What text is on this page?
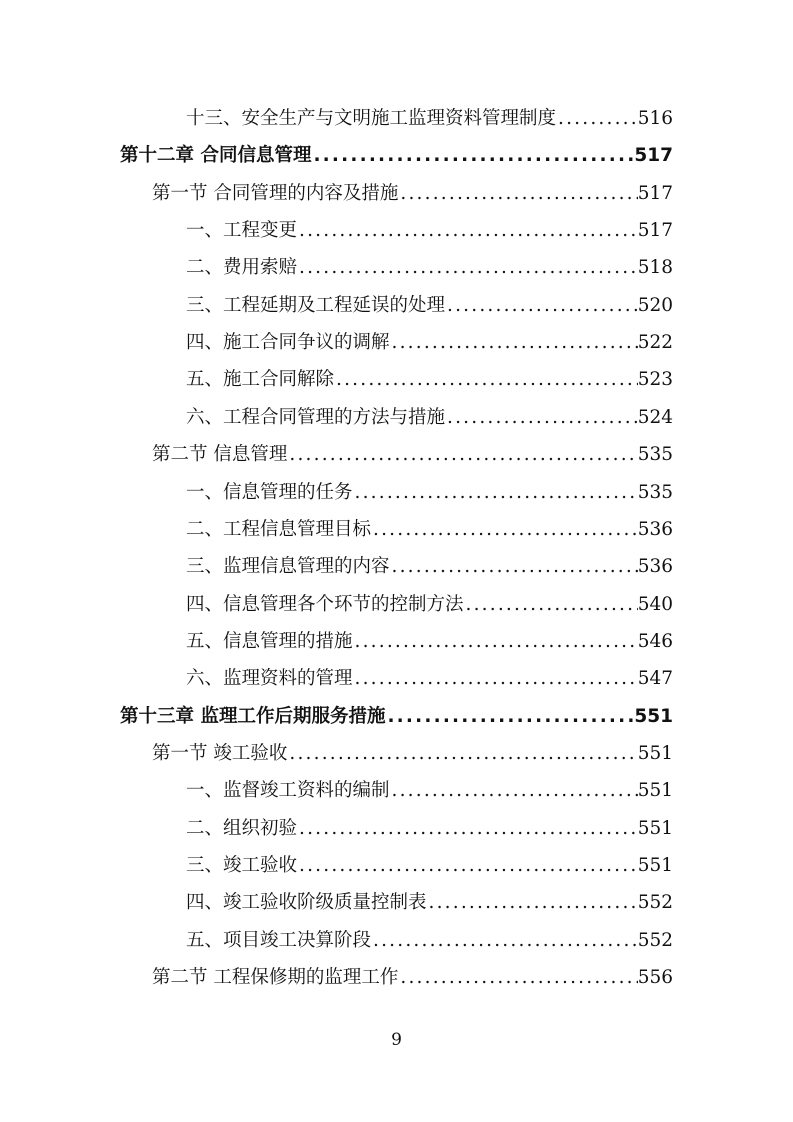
十三、安全生产与文明施工监理资料管理制度 .....	516
第十二章 合同信息管理 .....	517
第一节 合同管理的内容及措施 .....	517
一、工程变更 .....	517
二、费用索赔 .....	518
三、工程延期及工程延误的处理 .....	520
四、施工合同争议的调解 .....	522
五、施工合同解除 .....	523
六、工程合同管理的方法与措施 .....	524
第二节 信息管理 .....	535
一、信息管理的任务 .....	535
二、工程信息管理目标 .....	536
三、监理信息管理的内容 .....	536
四、信息管理各个环节的控制方法 .....	540
五、信息管理的措施 .....	546
六、监理资料的管理 .....	547
第十三章 监理工作后期服务措施 .....	551
第一节 竣工验收 .....	551
一、监督竣工资料的编制 .....	551
二、组织初验 .....	551
三、竣工验收 .....	551
四、竣工验收阶级质量控制表 .....	552
五、项目竣工决算阶段 .....	552
第二节 工程保修期的监理工作 .....	556
9
